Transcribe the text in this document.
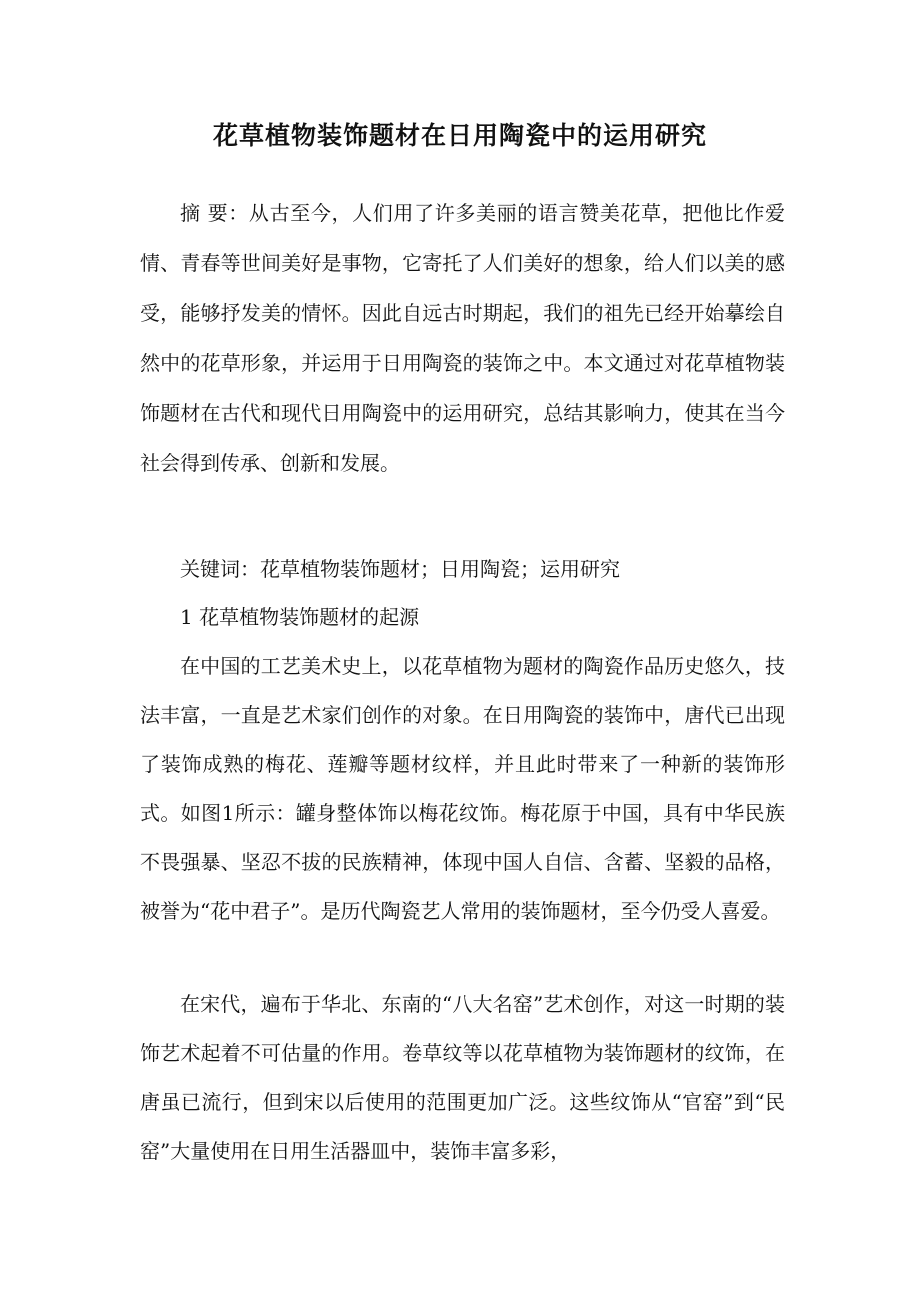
花草植物装饰题材在日用陶瓷中的运用研究

摘 要：从古至今，人们用了许多美丽的语言赞美花草，把他比作爱情、青春等世间美好是事物，它寄托了人们美好的想象，给人们以美的感受，能够抒发美的情怀。因此自远古时期起，我们的祖先已经开始摹绘自然中的花草形象，并运用于日用陶瓷的装饰之中。本文通过对花草植物装饰题材在古代和现代日用陶瓷中的运用研究，总结其影响力，使其在当今社会得到传承、创新和发展。

关键词：花草植物装饰题材；日用陶瓷；运用研究

1 花草植物装饰题材的起源

在中国的工艺美术史上，以花草植物为题材的陶瓷作品历史悠久，技法丰富，一直是艺术家们创作的对象。在日用陶瓷的装饰中，唐代已出现了装饰成熟的梅花、莲瓣等题材纹样，并且此时带来了一种新的装饰形式。如图1所示：罐身整体饰以梅花纹饰。梅花原于中国，具有中华民族不畏强暴、坚忍不拔的民族精神，体现中国人自信、含蓄、坚毅的品格，被誉为“花中君子”。是历代陶瓷艺人常用的装饰题材，至今仍受人喜爱。

在宋代，遍布于华北、东南的“八大名窑”艺术创作，对这一时期的装饰艺术起着不可估量的作用。卷草纹等以花草植物为装饰题材的纹饰，在唐虽已流行，但到宋以后使用的范围更加广泛。这些纹饰从“官窑”到“民窑”大量使用在日用生活器皿中，装饰丰富多彩，
